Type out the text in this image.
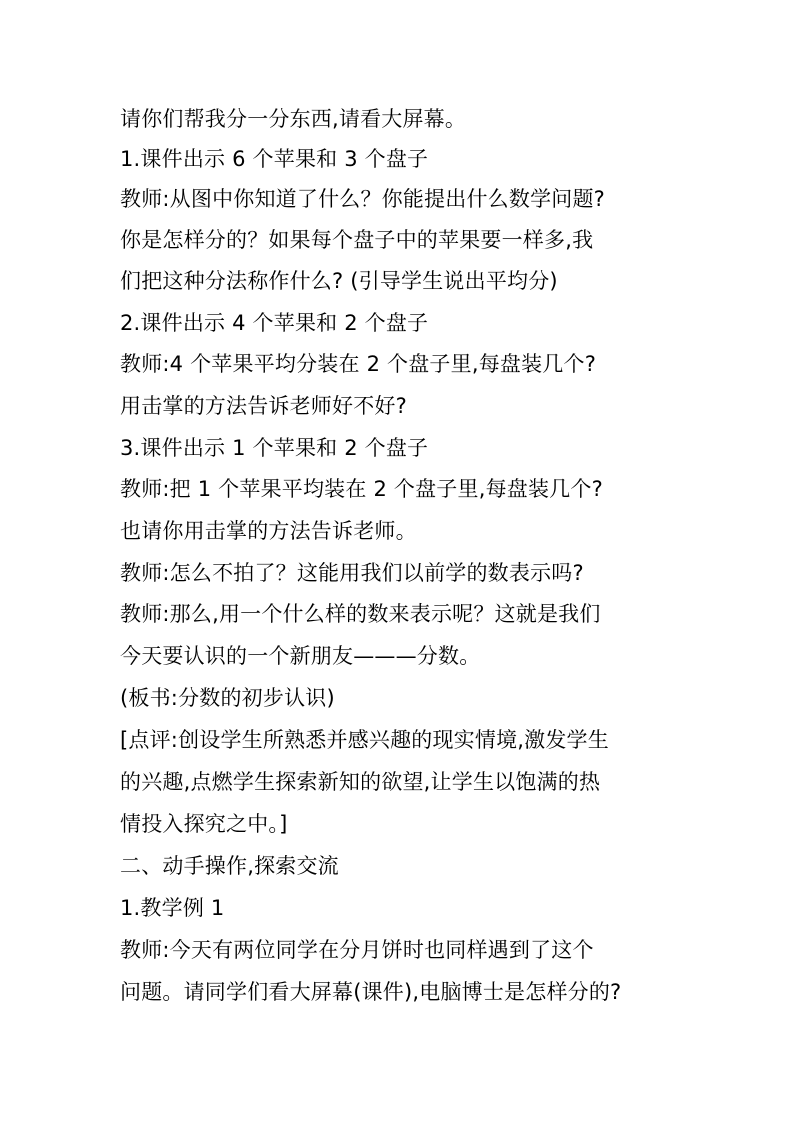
请你们帮我分一分东西,请看大屏幕。
1.课件出示 6 个苹果和 3 个盘子
教师:从图中你知道了什么？你能提出什么数学问题?
你是怎样分的？如果每个盘子中的苹果要一样多,我
们把这种分法称作什么? (引导学生说出平均分)
2.课件出示 4 个苹果和 2 个盘子
教师:4 个苹果平均分装在 2 个盘子里,每盘装几个?
用击掌的方法告诉老师好不好?
3.课件出示 1 个苹果和 2 个盘子
教师:把 1 个苹果平均装在 2 个盘子里,每盘装几个?
也请你用击掌的方法告诉老师。
教师:怎么不拍了？这能用我们以前学的数表示吗?
教师:那么,用一个什么样的数来表示呢？这就是我们
今天要认识的一个新朋友———分数。
(板书:分数的初步认识)
[点评:创设学生所熟悉并感兴趣的现实情境,激发学生
的兴趣,点燃学生探索新知的欲望,让学生以饱满的热
情投入探究之中。]
二、动手操作,探索交流
1.教学例 1
教师:今天有两位同学在分月饼时也同样遇到了这个
问题。请同学们看大屏幕(课件),电脑博士是怎样分的?
